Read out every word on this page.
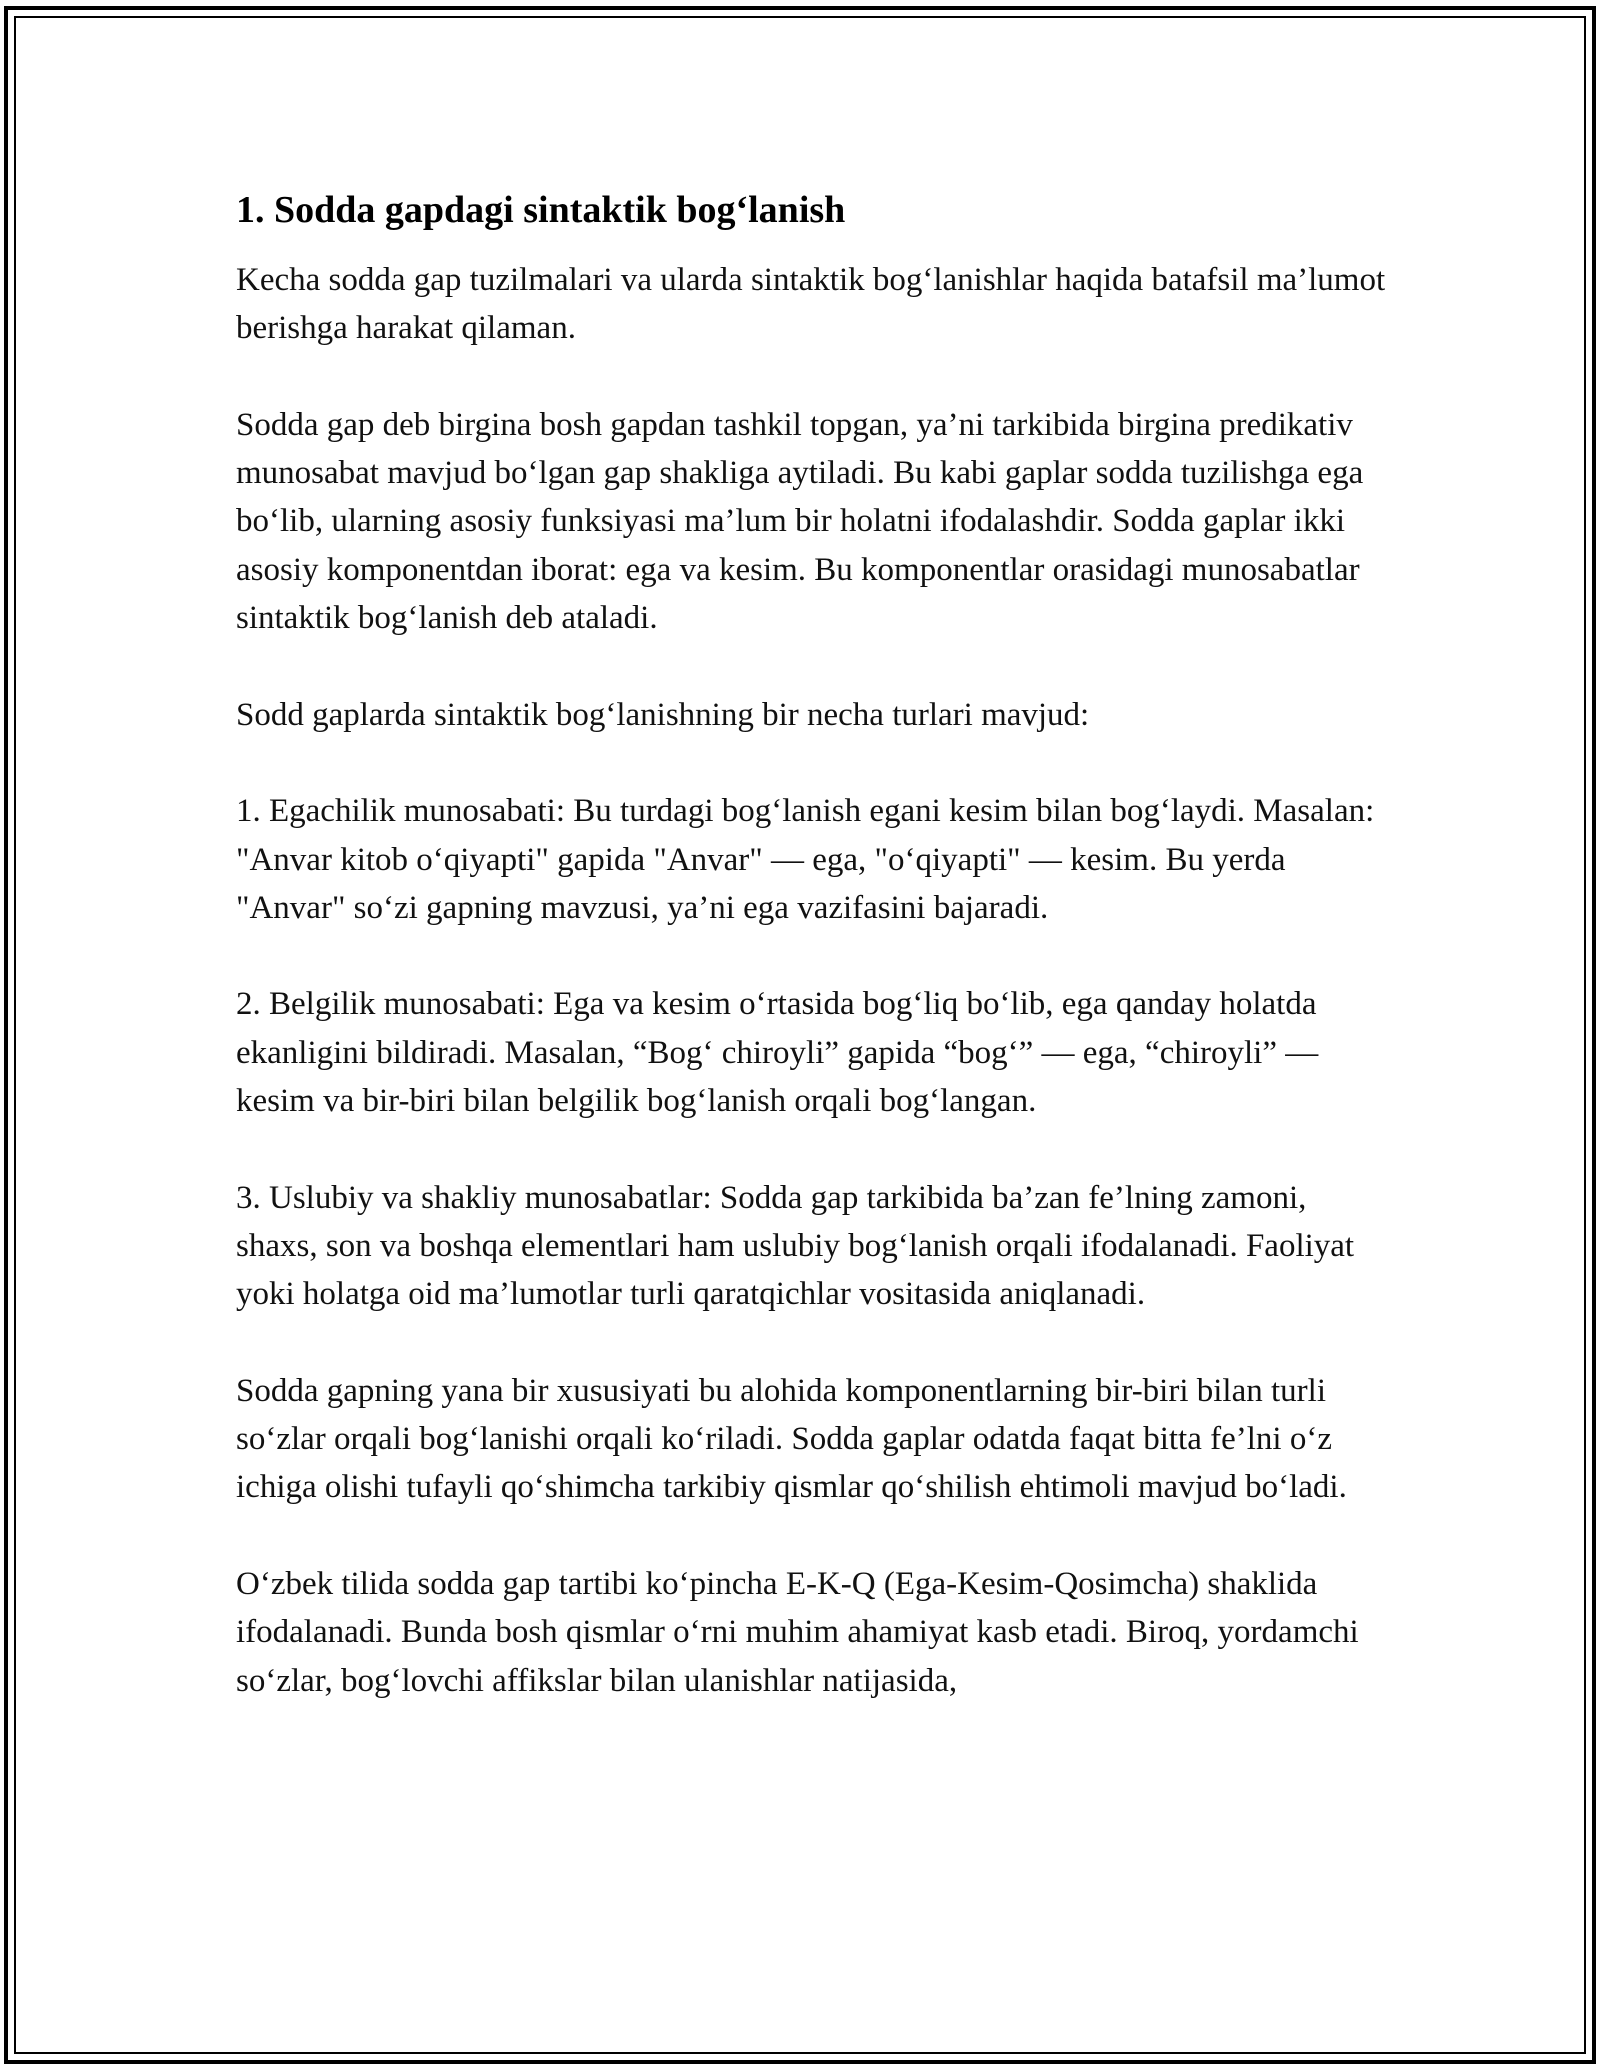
1. Sodda gapdagi sintaktik bog‘lanish

Kecha sodda gap tuzilmalari va ularda sintaktik bog‘lanishlar haqida batafsil ma’lumot berishga harakat qilaman.

Sodda gap deb birgina bosh gapdan tashkil topgan, ya’ni tarkibida birgina predikativ munosabat mavjud bo‘lgan gap shakliga aytiladi. Bu kabi gaplar sodda tuzilishga ega bo‘lib, ularning asosiy funksiyasi ma’lum bir holatni ifodalashdir. Sodda gaplar ikki asosiy komponentdan iborat: ega va kesim. Bu komponentlar orasidagi munosabatlar sintaktik bog‘lanish deb ataladi.

Sodd gaplarda sintaktik bog‘lanishning bir necha turlari mavjud:

1. Egachilik munosabati: Bu turdagi bog‘lanish egani kesim bilan bog‘laydi. Masalan: "Anvar kitob o‘qiyapti" gapida "Anvar" — ega, "o‘qiyapti" — kesim. Bu yerda "Anvar" so‘zi gapning mavzusi, ya’ni ega vazifasini bajaradi.

2. Belgilik munosabati: Ega va kesim o‘rtasida bog‘liq bo‘lib, ega qanday holatda ekanligini bildiradi. Masalan, “Bog‘ chiroyli” gapida “bog‘” — ega, “chiroyli” — kesim va bir-biri bilan belgilik bog‘lanish orqali bog‘langan.

3. Uslubiy va shakliy munosabatlar: Sodda gap tarkibida ba’zan fe’lning zamoni, shaxs, son va boshqa elementlari ham uslubiy bog‘lanish orqali ifodalanadi. Faoliyat yoki holatga oid ma’lumotlar turli qaratqichlar vositasida aniqlanadi.

Sodda gapning yana bir xususiyati bu alohida komponentlarning bir-biri bilan turli so‘zlar orqali bog‘lanishi orqali ko‘riladi. Sodda gaplar odatda faqat bitta fe’lni o‘z ichiga olishi tufayli qo‘shimcha tarkibiy qismlar qo‘shilish ehtimoli mavjud bo‘ladi.

O‘zbek tilida sodda gap tartibi ko‘pincha E-K-Q (Ega-Kesim-Qosimcha) shaklida ifodalanadi. Bunda bosh qismlar o‘rni muhim ahamiyat kasb etadi. Biroq, yordamchi so‘zlar, bog‘lovchi affikslar bilan ulanishlar natijasida,
